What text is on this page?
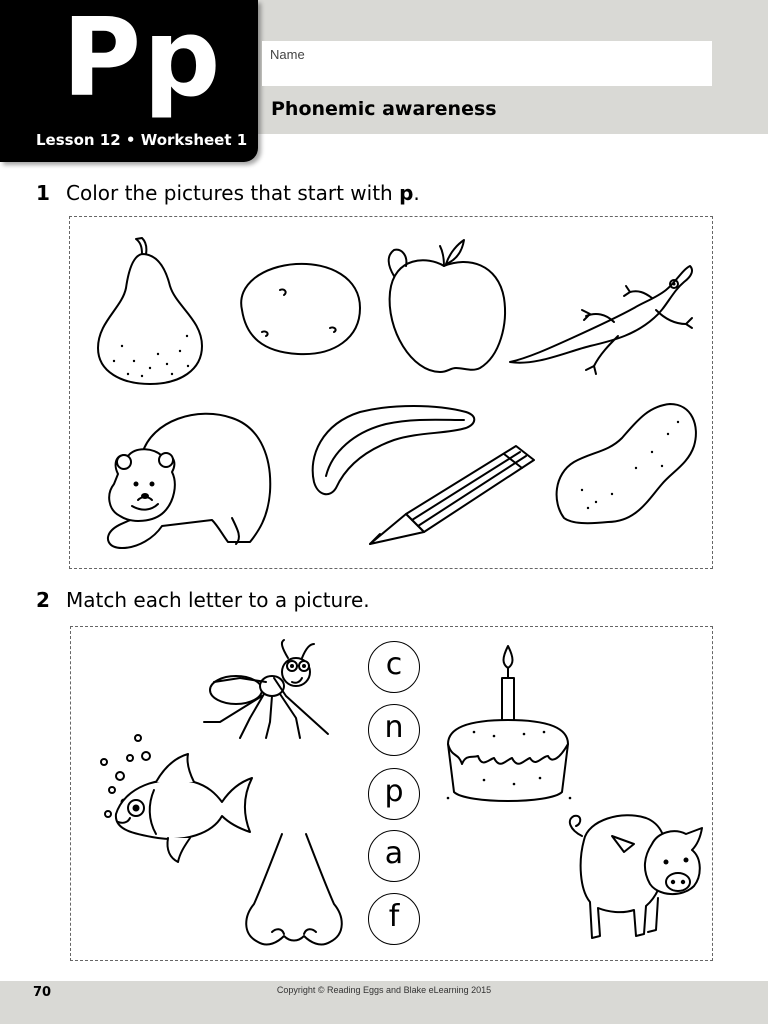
Pp
Lesson 12 • Worksheet 1
Name
Phonemic awareness
1 Color the pictures that start with p.
2 Match each letter to a picture.
c
n
p
a
f
70	Copyright © Reading Eggs and Blake eLearning 2015
